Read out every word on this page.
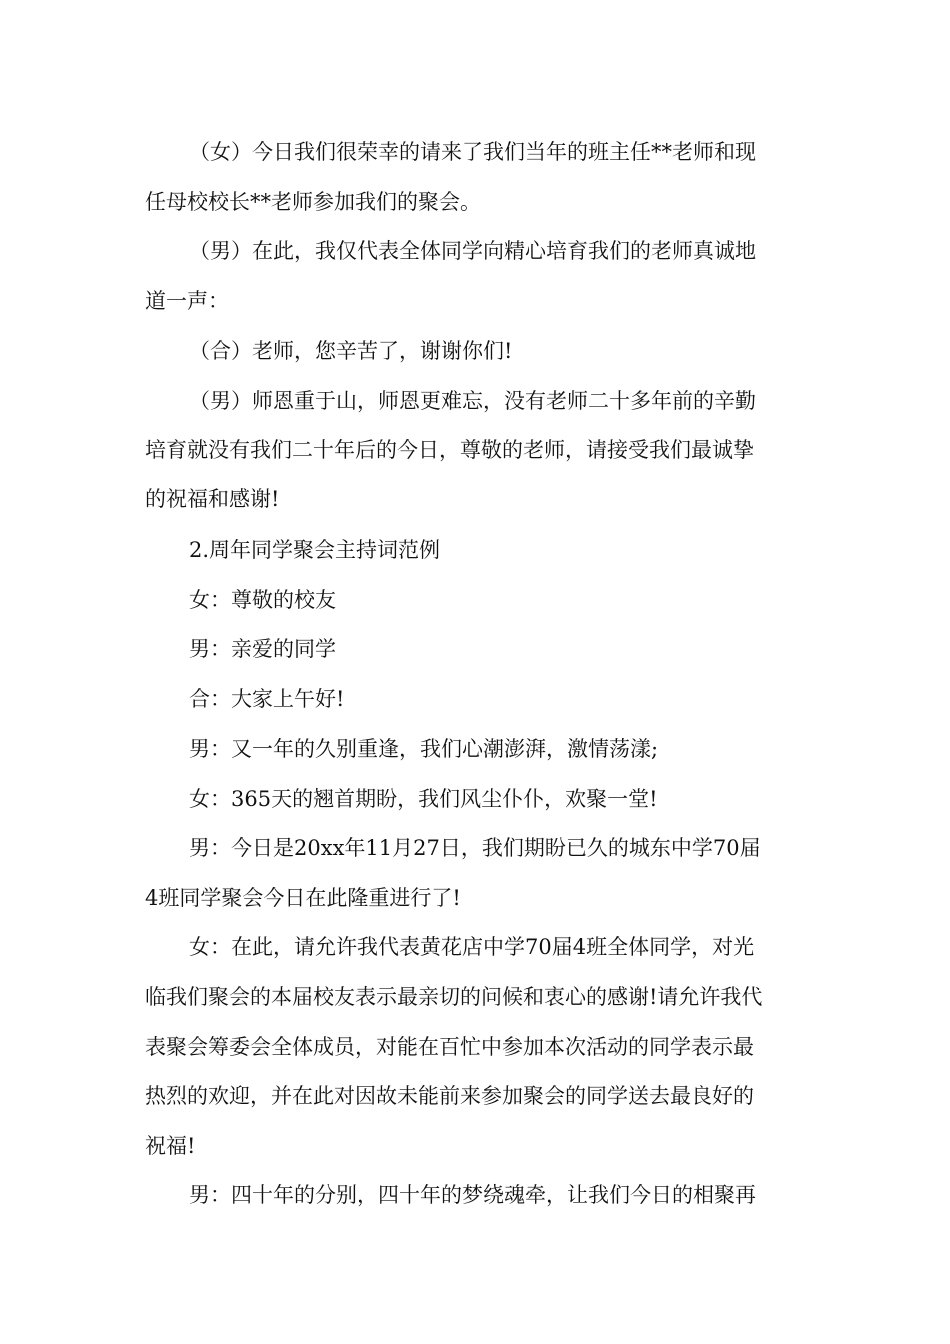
（女）今日我们很荣幸的请来了我们当年的班主任**老师和现
任母校校长**老师参加我们的聚会。
（男）在此，我仅代表全体同学向精心培育我们的老师真诚地
道一声：
（合）老师，您辛苦了，谢谢你们!
（男）师恩重于山，师恩更难忘，没有老师二十多年前的辛勤
培育就没有我们二十年后的今日，尊敬的老师，请接受我们最诚挚
的祝福和感谢!
2.周年同学聚会主持词范例
女：尊敬的校友
男：亲爱的同学
合：大家上午好!
男：又一年的久别重逢，我们心潮澎湃，激情荡漾;
女：365天的翘首期盼，我们风尘仆仆，欢聚一堂!
男：今日是20xx年11月27日，我们期盼已久的城东中学70届
4班同学聚会今日在此隆重进行了!
女：在此，请允许我代表黄花店中学70届4班全体同学，对光
临我们聚会的本届校友表示最亲切的问候和衷心的感谢!请允许我代
表聚会筹委会全体成员，对能在百忙中参加本次活动的同学表示最
热烈的欢迎，并在此对因故未能前来参加聚会的同学送去最良好的
祝福!
男：四十年的分别，四十年的梦绕魂牵，让我们今日的相聚再
